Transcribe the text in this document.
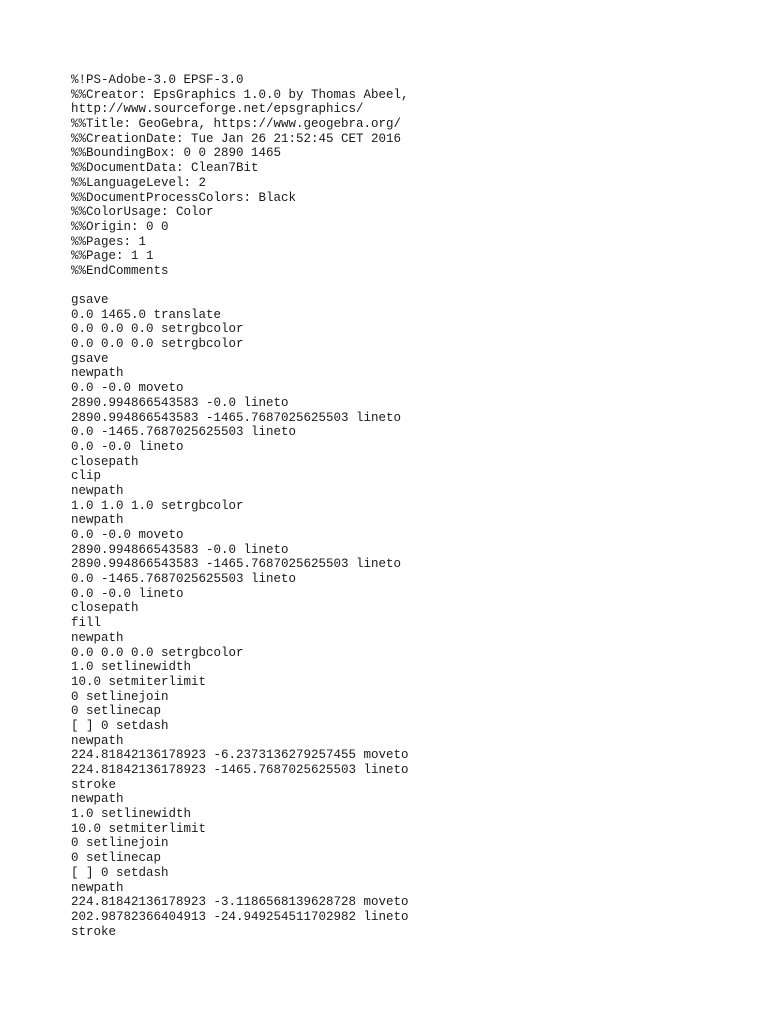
%!PS-Adobe-3.0 EPSF-3.0
%%Creator: EpsGraphics 1.0.0 by Thomas Abeel,
http://www.sourceforge.net/epsgraphics/
%%Title: GeoGebra, https://www.geogebra.org/
%%CreationDate: Tue Jan 26 21:52:45 CET 2016
%%BoundingBox: 0 0 2890 1465
%%DocumentData: Clean7Bit
%%LanguageLevel: 2
%%DocumentProcessColors: Black
%%ColorUsage: Color
%%Origin: 0 0
%%Pages: 1
%%Page: 1 1
%%EndComments
gsave
0.0 1465.0 translate
0.0 0.0 0.0 setrgbcolor
0.0 0.0 0.0 setrgbcolor
gsave
newpath
0.0 -0.0 moveto
2890.994866543583 -0.0 lineto
2890.994866543583 -1465.7687025625503 lineto
0.0 -1465.7687025625503 lineto
0.0 -0.0 lineto
closepath
clip
newpath
1.0 1.0 1.0 setrgbcolor
newpath
0.0 -0.0 moveto
2890.994866543583 -0.0 lineto
2890.994866543583 -1465.7687025625503 lineto
0.0 -1465.7687025625503 lineto
0.0 -0.0 lineto
closepath
fill
newpath
0.0 0.0 0.0 setrgbcolor
1.0 setlinewidth
10.0 setmiterlimit
0 setlinejoin
0 setlinecap
[ ] 0 setdash
newpath
224.81842136178923 -6.2373136279257455 moveto
224.81842136178923 -1465.7687025625503 lineto
stroke
newpath
1.0 setlinewidth
10.0 setmiterlimit
0 setlinejoin
0 setlinecap
[ ] 0 setdash
newpath
224.81842136178923 -3.1186568139628728 moveto
202.98782366404913 -24.949254511702982 lineto
stroke
